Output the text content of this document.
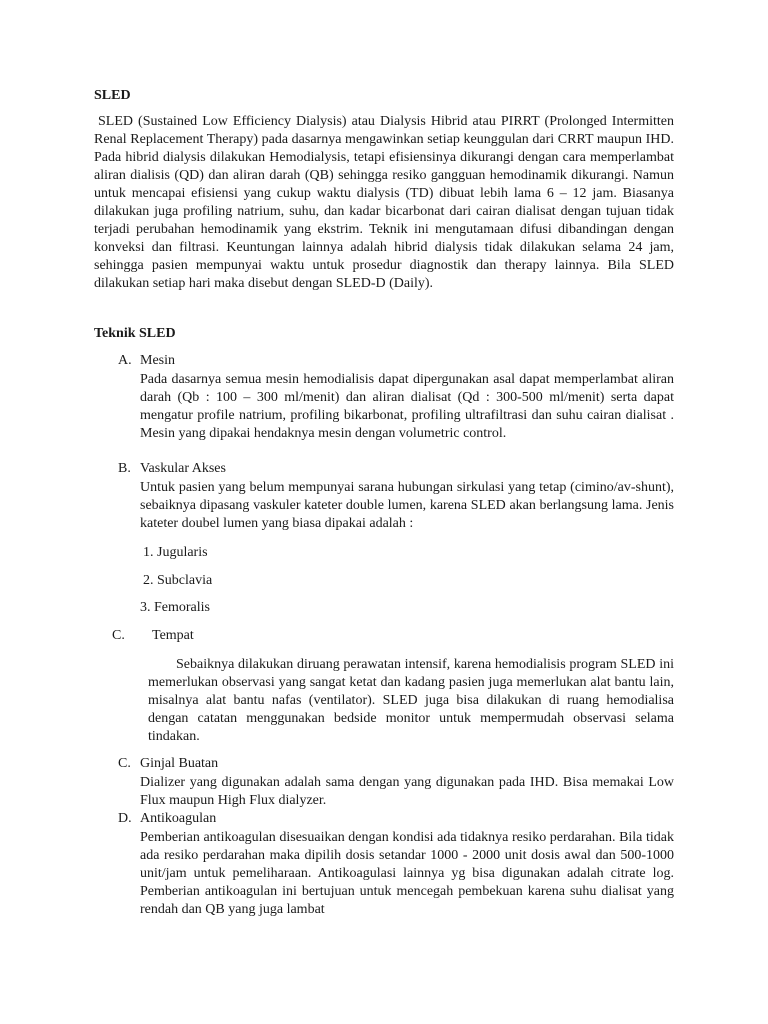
SLED

SLED (Sustained Low Efficiency Dialysis) atau Dialysis Hibrid atau PIRRT (Prolonged Intermitten Renal Replacement Therapy) pada dasarnya mengawinkan setiap keunggulan dari CRRT maupun IHD. Pada hibrid dialysis dilakukan Hemodialysis, tetapi efisiensinya dikurangi dengan cara memperlambat aliran dialisis (QD) dan aliran darah (QB) sehingga resiko gangguan hemodinamik dikurangi. Namun untuk mencapai efisiensi yang cukup waktu dialysis (TD) dibuat lebih lama 6 – 12 jam. Biasanya dilakukan juga profiling natrium, suhu, dan kadar bicarbonat dari cairan dialisat dengan tujuan tidak terjadi perubahan hemodinamik yang ekstrim. Teknik ini mengutamaan difusi dibandingan dengan konveksi dan filtrasi. Keuntungan lainnya adalah hibrid dialysis tidak dilakukan selama 24 jam, sehingga pasien mempunyai waktu untuk prosedur diagnostik dan therapy lainnya. Bila SLED dilakukan setiap hari maka disebut dengan SLED-D (Daily).

Teknik SLED
A. Mesin

Pada dasarnya semua mesin hemodialisis dapat dipergunakan asal dapat memperlambat aliran darah (Qb : 100 – 300 ml/menit) dan aliran dialisat (Qd : 300-500 ml/menit) serta dapat mengatur profile natrium, profiling bikarbonat, profiling ultrafiltrasi dan suhu cairan dialisat . Mesin yang dipakai hendaknya mesin dengan volumetric control.

B. Vaskular Akses

Untuk pasien yang belum mempunyai sarana hubungan sirkulasi yang tetap (cimino/av-shunt), sebaiknya dipasang vaskuler kateter double lumen, karena SLED akan berlangsung lama. Jenis kateter doubel lumen yang biasa dipakai adalah :

1. Jugularis
2. Subclavia
3. Femoralis
C. Tempat

Sebaiknya dilakukan diruang perawatan intensif, karena hemodialisis program SLED ini memerlukan observasi yang sangat ketat dan kadang pasien juga memerlukan alat bantu lain, misalnya alat bantu nafas (ventilator). SLED juga bisa dilakukan di ruang hemodialisa dengan catatan menggunakan bedside monitor untuk mempermudah observasi selama tindakan.

C. Ginjal Buatan

Dializer yang digunakan adalah sama dengan yang digunakan pada IHD. Bisa memakai Low Flux maupun High Flux dialyzer.

D. Antikoagulan

Pemberian antikoagulan disesuaikan dengan kondisi ada tidaknya resiko perdarahan. Bila tidak ada resiko perdarahan maka dipilih dosis setandar 1000 - 2000 unit dosis awal dan 500-1000 unit/jam untuk pemeliharaan. Antikoagulasi lainnya yg bisa digunakan adalah citrate log. Pemberian antikoagulan ini bertujuan untuk mencegah pembekuan karena suhu dialisat yang rendah dan QB yang juga lambat
